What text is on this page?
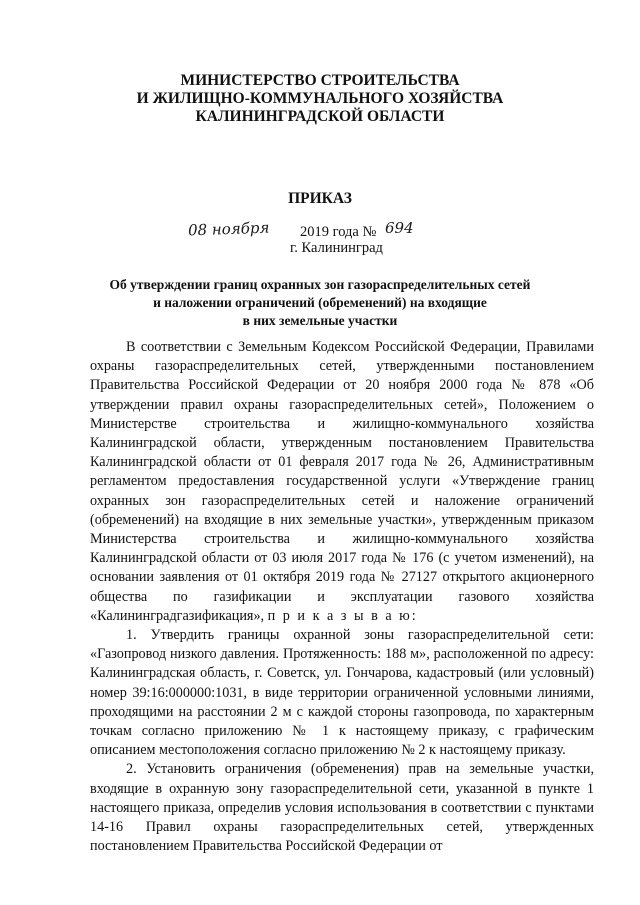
МИНИСТЕРСТВО СТРОИТЕЛЬСТВА
И ЖИЛИЩНО-КОММУНАЛЬНОГО ХОЗЯЙСТВА
КАЛИНИНГРАДСКОЙ ОБЛАСТИ
ПРИКАЗ
08 ноября 2019 года № 694
г. Калининград
Об утверждении границ охранных зон газораспределительных сетей
и наложении ограничений (обременений) на входящие
в них земельные участки

В соответствии с Земельным Кодексом Российской Федерации, Правилами охраны газораспределительных сетей, утвержденными постановлением Правительства Российской Федерации от 20 ноября 2000 года № 878 «Об утверждении правил охраны газораспределительных сетей», Положением о Министерстве строительства и жилищно-коммунального хозяйства Калининградской области, утвержденным постановлением Правительства Калининградской области от 01 февраля 2017 года № 26, Административным регламентом предоставления государственной услуги «Утверждение границ охранных зон газораспределительных сетей и наложение ограничений (обременений) на входящие в них земельные участки», утвержденным приказом Министерства строительства и жилищно-коммунального хозяйства Калининградской области от 03 июля 2017 года № 176 (с учетом изменений), на основании заявления от 01 октября 2019 года № 27127 открытого акционерного общества по газификации и эксплуатации газового хозяйства «Калининградгазификация», п р и к а з ы в а ю:

1. Утвердить границы охранной зоны газораспределительной сети: «Газопровод низкого давления. Протяженность: 188 м», расположенной по адресу: Калининградская область, г. Советск, ул. Гончарова, кадастровый (или условный) номер 39:16:000000:1031, в виде территории ограниченной условными линиями, проходящими на расстоянии 2 м с каждой стороны газопровода, по характерным точкам согласно приложению № 1 к настоящему приказу, с графическим описанием местоположения согласно приложению № 2 к настоящему приказу.

2. Установить ограничения (обременения) прав на земельные участки, входящие в охранную зону газораспределительной сети, указанной в пункте 1 настоящего приказа, определив условия использования в соответствии с пунктами 14-16 Правил охраны газораспределительных сетей, утвержденных постановлением Правительства Российской Федерации от
